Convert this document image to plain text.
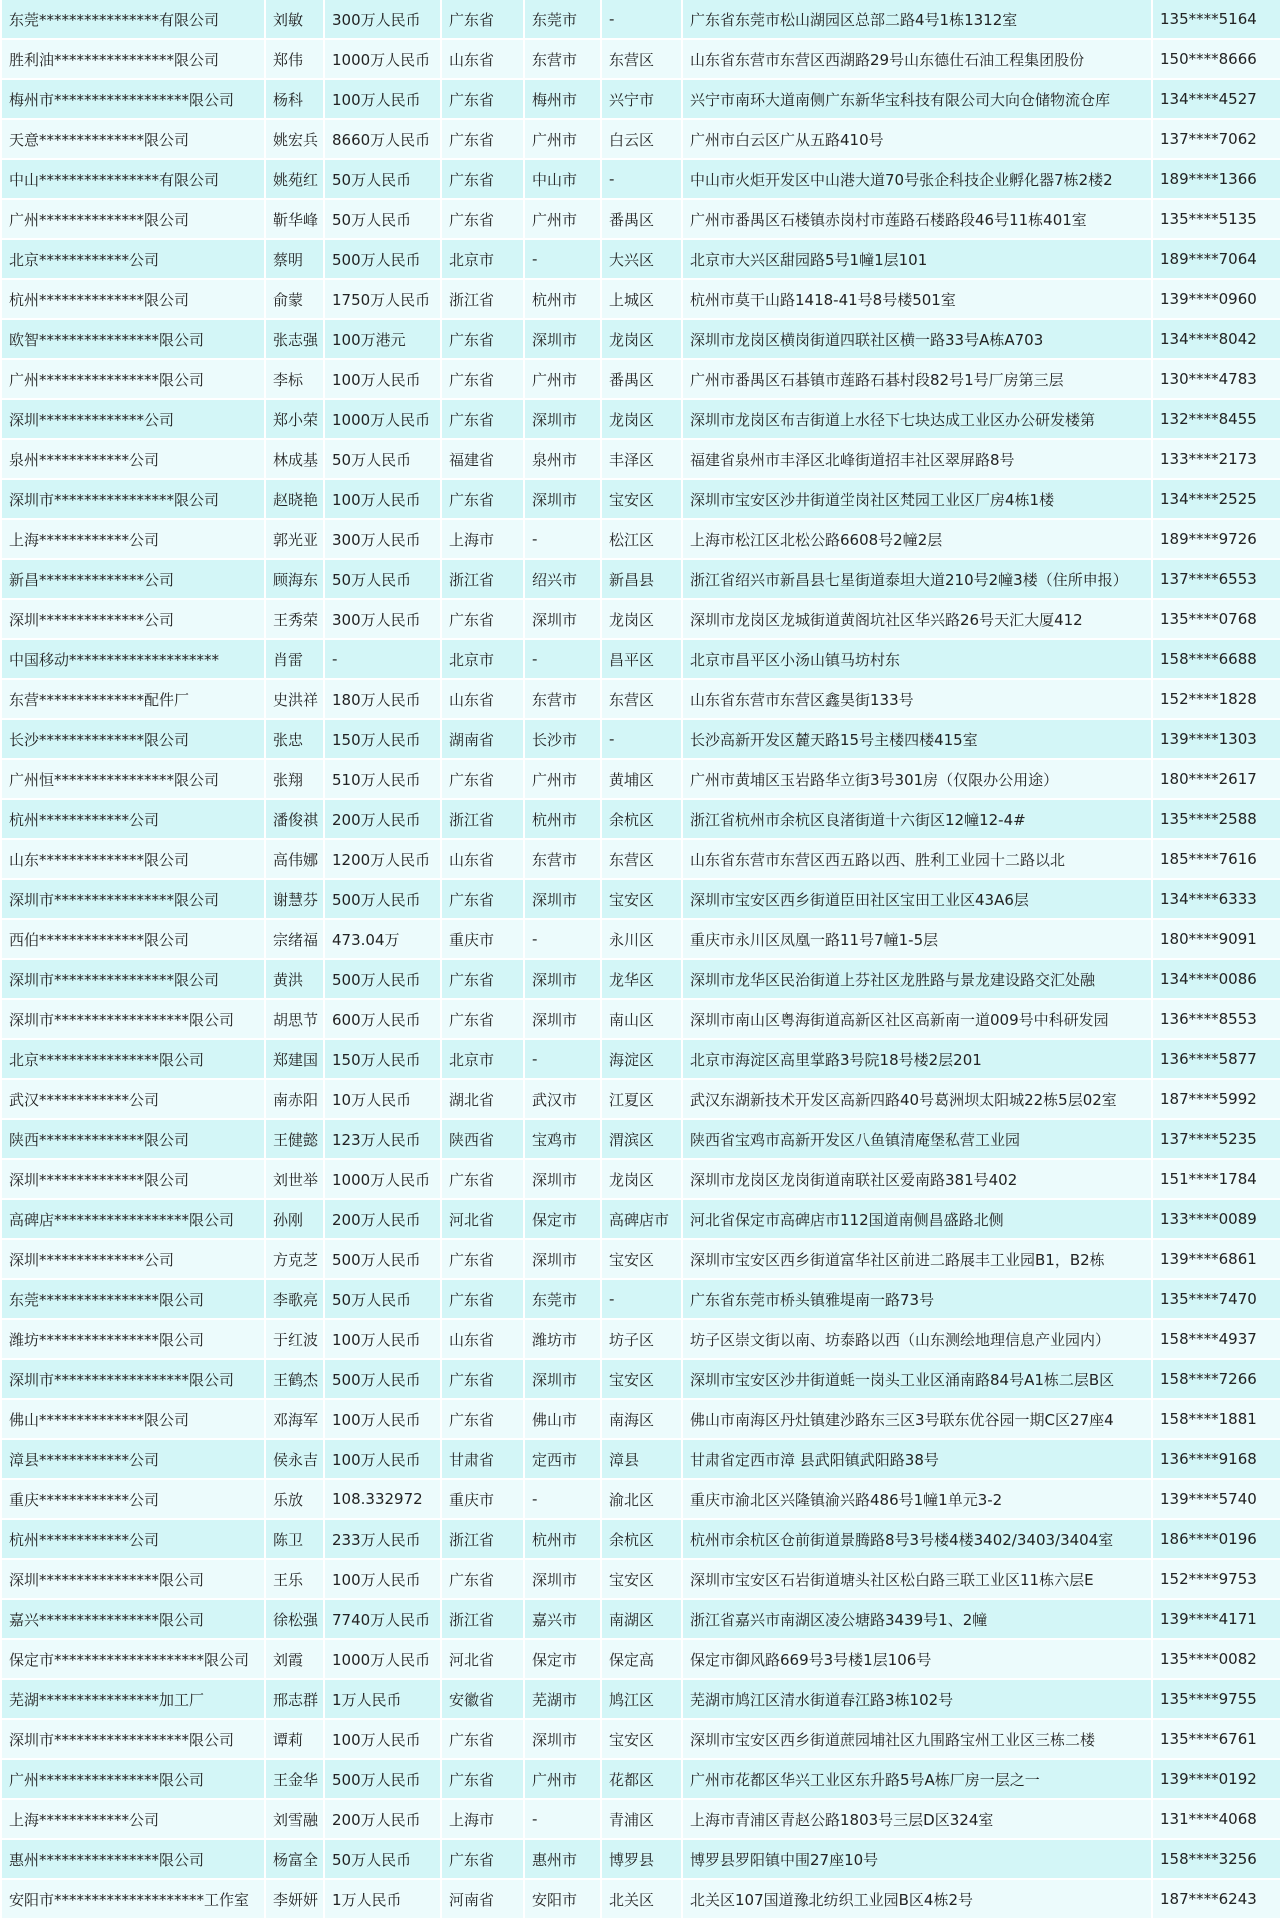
东莞****************有限公司	刘敏	300万人民币	广东省	东莞市	-	广东省东莞市松山湖园区总部二路4号1栋1312室	135****5164
胜利油****************限公司	郑伟	1000万人民币	山东省	东营市	东营区	山东省东营市东营区西湖路29号山东德仕石油工程集团股份	150****8666
梅州市******************限公司	杨科	100万人民币	广东省	梅州市	兴宁市	兴宁市南环大道南侧广东新华宝科技有限公司大向仓储物流仓库	134****4527
天意**************限公司	姚宏兵	8660万人民币	广东省	广州市	白云区	广州市白云区广从五路410号	137****7062
中山****************有限公司	姚苑红	50万人民币	广东省	中山市	-	中山市火炬开发区中山港大道70号张企科技企业孵化器7栋2楼2	189****1366
广州**************限公司	靳华峰	50万人民币	广东省	广州市	番禺区	广州市番禺区石楼镇赤岗村市莲路石楼路段46号11栋401室	135****5135
北京************公司	蔡明	500万人民币	北京市	-	大兴区	北京市大兴区甜园路5号1幢1层101	189****7064
杭州**************限公司	俞蒙	1750万人民币	浙江省	杭州市	上城区	杭州市莫干山路1418-41号8号楼501室	139****0960
欧智****************限公司	张志强	100万港元	广东省	深圳市	龙岗区	深圳市龙岗区横岗街道四联社区横一路33号A栋A703	134****8042
广州****************限公司	李标	100万人民币	广东省	广州市	番禺区	广州市番禺区石碁镇市莲路石碁村段82号1号厂房第三层	130****4783
深圳**************公司	郑小荣	1000万人民币	广东省	深圳市	龙岗区	深圳市龙岗区布吉街道上水径下七块达成工业区办公研发楼第	132****8455
泉州************公司	林成基	50万人民币	福建省	泉州市	丰泽区	福建省泉州市丰泽区北峰街道招丰社区翠屏路8号	133****2173
深圳市****************限公司	赵晓艳	100万人民币	广东省	深圳市	宝安区	深圳市宝安区沙井街道坣岗社区梵园工业区厂房4栋1楼	134****2525
上海************公司	郭光亚	300万人民币	上海市	-	松江区	上海市松江区北松公路6608号2幢2层	189****9726
新昌**************公司	顾海东	50万人民币	浙江省	绍兴市	新昌县	浙江省绍兴市新昌县七星街道泰坦大道210号2幢3楼（住所申报）	137****6553
深圳**************公司	王秀荣	300万人民币	广东省	深圳市	龙岗区	深圳市龙岗区龙城街道黄阁坑社区华兴路26号天汇大厦412	135****0768
中国移动********************	肖雷	-	北京市	-	昌平区	北京市昌平区小汤山镇马坊村东	158****6688
东营**************配件厂	史洪祥	180万人民币	山东省	东营市	东营区	山东省东营市东营区鑫昊街133号	152****1828
长沙**************限公司	张忠	150万人民币	湖南省	长沙市	-	长沙高新开发区麓天路15号主楼四楼415室	139****1303
广州恒****************限公司	张翔	510万人民币	广东省	广州市	黄埔区	广州市黄埔区玉岩路华立街3号301房（仅限办公用途）	180****2617
杭州************公司	潘俊祺	200万人民币	浙江省	杭州市	余杭区	浙江省杭州市余杭区良渚街道十六街区12幢12-4#	135****2588
山东**************限公司	高伟娜	1200万人民币	山东省	东营市	东营区	山东省东营市东营区西五路以西、胜利工业园十二路以北	185****7616
深圳市****************限公司	谢慧芬	500万人民币	广东省	深圳市	宝安区	深圳市宝安区西乡街道臣田社区宝田工业区43A6层	134****6333
西伯**************限公司	宗绪福	473.04万	重庆市	-	永川区	重庆市永川区凤凰一路11号7幢1-5层	180****9091
深圳市****************限公司	黄洪	500万人民币	广东省	深圳市	龙华区	深圳市龙华区民治街道上芬社区龙胜路与景龙建设路交汇处融	134****0086
深圳市******************限公司	胡思节	600万人民币	广东省	深圳市	南山区	深圳市南山区粤海街道高新区社区高新南一道009号中科研发园	136****8553
北京****************限公司	郑建国	150万人民币	北京市	-	海淀区	北京市海淀区高里掌路3号院18号楼2层201	136****5877
武汉************公司	南赤阳	10万人民币	湖北省	武汉市	江夏区	武汉东湖新技术开发区高新四路40号葛洲坝太阳城22栋5层02室	187****5992
陕西**************限公司	王健懿	123万人民币	陕西省	宝鸡市	渭滨区	陕西省宝鸡市高新开发区八鱼镇清庵堡私营工业园	137****5235
深圳**************限公司	刘世举	1000万人民币	广东省	深圳市	龙岗区	深圳市龙岗区龙岗街道南联社区爱南路381号402	151****1784
高碑店******************限公司	孙刚	200万人民币	河北省	保定市	高碑店市	河北省保定市高碑店市112国道南侧昌盛路北侧	133****0089
深圳**************公司	方克芝	500万人民币	广东省	深圳市	宝安区	深圳市宝安区西乡街道富华社区前进二路展丰工业园B1，B2栋	139****6861
东莞****************限公司	李歌亮	50万人民币	广东省	东莞市	-	广东省东莞市桥头镇雅堤南一路73号	135****7470
潍坊****************限公司	于红波	100万人民币	山东省	潍坊市	坊子区	坊子区崇文街以南、坊泰路以西（山东测绘地理信息产业园内）	158****4937
深圳市******************限公司	王鹤杰	500万人民币	广东省	深圳市	宝安区	深圳市宝安区沙井街道蚝一岗头工业区涌南路84号A1栋二层B区	158****7266
佛山**************限公司	邓海军	100万人民币	广东省	佛山市	南海区	佛山市南海区丹灶镇建沙路东三区3号联东优谷园一期C区27座4	158****1881
漳县************公司	侯永吉	100万人民币	甘肃省	定西市	漳县	甘肃省定西市漳 县武阳镇武阳路38号	136****9168
重庆************公司	乐放	108.332972	重庆市	-	渝北区	重庆市渝北区兴隆镇渝兴路486号1幢1单元3-2	139****5740
杭州************公司	陈卫	233万人民币	浙江省	杭州市	余杭区	杭州市余杭区仓前街道景腾路8号3号楼4楼3402/3403/3404室	186****0196
深圳****************限公司	王乐	100万人民币	广东省	深圳市	宝安区	深圳市宝安区石岩街道塘头社区松白路三联工业区11栋六层E	152****9753
嘉兴****************限公司	徐松强	7740万人民币	浙江省	嘉兴市	南湖区	浙江省嘉兴市南湖区凌公塘路3439号1、2幢	139****4171
保定市********************限公司	刘霞	1000万人民币	河北省	保定市	保定高	保定市御风路669号3号楼1层106号	135****0082
芜湖****************加工厂	邢志群	1万人民币	安徽省	芜湖市	鸠江区	芜湖市鸠江区清水街道春江路3栋102号	135****9755
深圳市******************限公司	谭莉	100万人民币	广东省	深圳市	宝安区	深圳市宝安区西乡街道蔗园埔社区九围路宝州工业区三栋二楼	135****6761
广州****************限公司	王金华	500万人民币	广东省	广州市	花都区	广州市花都区华兴工业区东升路5号A栋厂房一层之一	139****0192
上海************公司	刘雪融	200万人民币	上海市	-	青浦区	上海市青浦区青赵公路1803号三层D区324室	131****4068
惠州****************限公司	杨富全	50万人民币	广东省	惠州市	博罗县	博罗县罗阳镇中围27座10号	158****3256
安阳市********************工作室	李妍妍	1万人民币	河南省	安阳市	北关区	北关区107国道豫北纺织工业园B区4栋2号	187****6243
